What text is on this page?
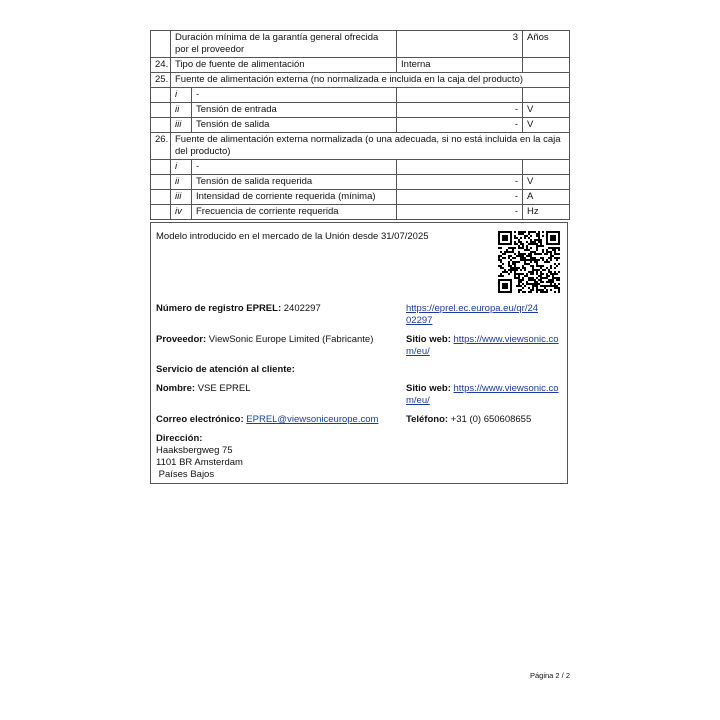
	Duración mínima de la garantía general ofrecida por el proveedor		3	Años
24.	Tipo de fuente de alimentación		Interna	
25.	Fuente de alimentación externa (no normalizada e incluida en la caja del producto)			
	i	-		
	ii	Tensión de entrada	-	V
	iii	Tensión de salida	-	V
26.	Fuente de alimentación externa normalizada (o una adecuada, si no está incluida en la caja del producto)			
	i	-		
	ii	Tensión de salida requerida	-	V
	iii	Intensidad de corriente requerida (mínima)	-	A
	iv	Frecuencia de corriente requerida	-	Hz
Modelo introducido en el mercado de la Unión desde 31/07/2025
Número de registro EPREL: 2402297	https://eprel.ec.europa.eu/qr/24
02297
Proveedor: ViewSonic Europe Limited (Fabricante)	Sitio web: https://www.viewsonic.co
m/eu/
Servicio de atención al cliente:
Nombre: VSE EPREL	Sitio web: https://www.viewsonic.co
m/eu/
Correo electrónico: EPREL@viewsoniceurope.com	Teléfono: +31 (0) 650608655
Dirección:
Haaksbergweg 75
1101 BR Amsterdam
Países Bajos
Página 2 / 2
